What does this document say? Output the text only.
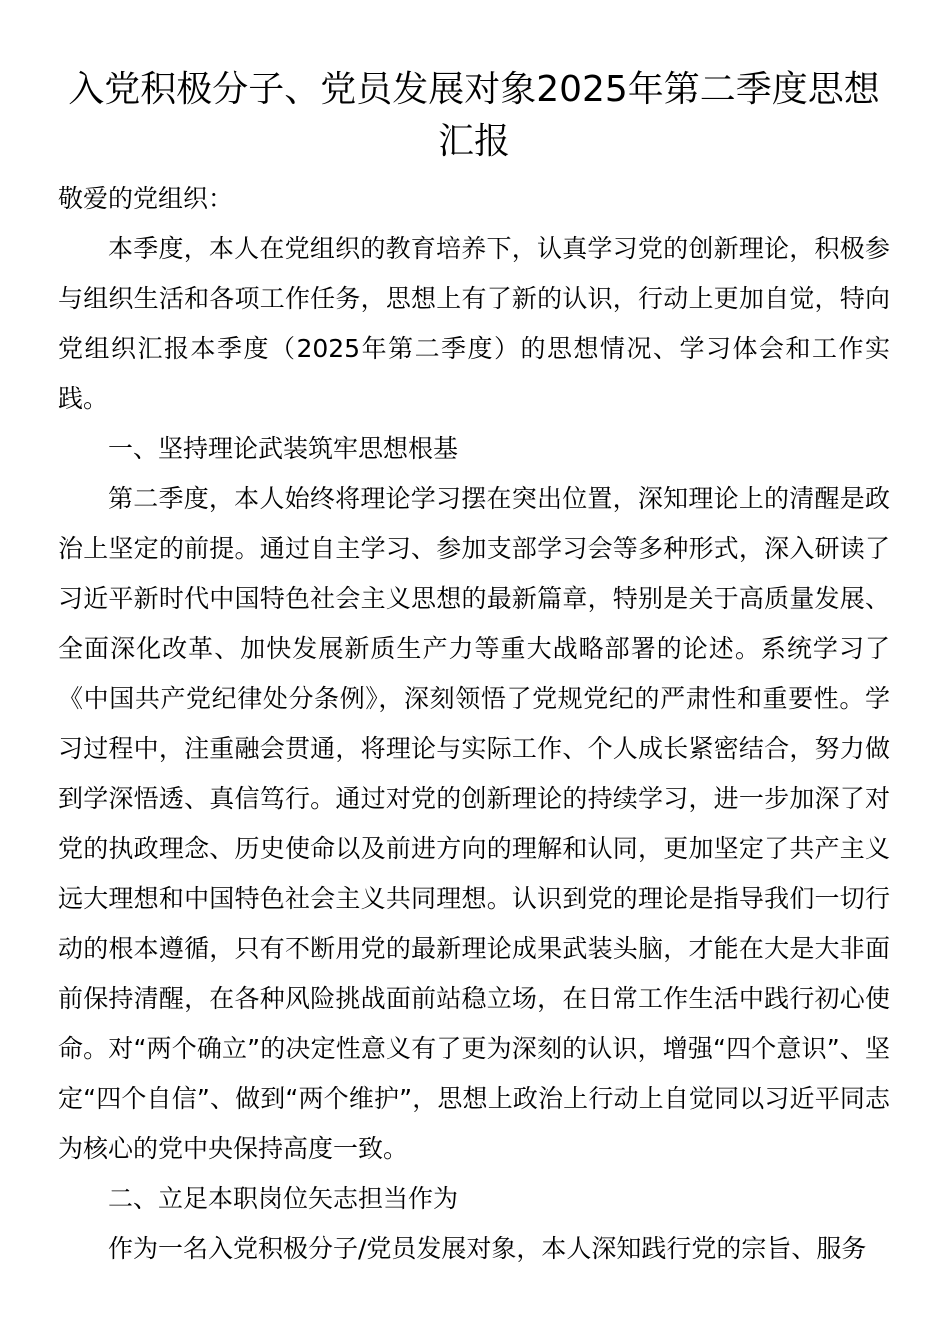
入党积极分子、党员发展对象2025年第二季度思想汇报

敬爱的党组织：

本季度，本人在党组织的教育培养下，认真学习党的创新理论，积极参与组织生活和各项工作任务，思想上有了新的认识，行动上更加自觉，特向党组织汇报本季度（2025年第二季度）的思想情况、学习体会和工作实践。

一、坚持理论武装筑牢思想根基

第二季度，本人始终将理论学习摆在突出位置，深知理论上的清醒是政治上坚定的前提。通过自主学习、参加支部学习会等多种形式，深入研读了习近平新时代中国特色社会主义思想的最新篇章，特别是关于高质量发展、全面深化改革、加快发展新质生产力等重大战略部署的论述。系统学习了《中国共产党纪律处分条例》，深刻领悟了党规党纪的严肃性和重要性。学习过程中，注重融会贯通，将理论与实际工作、个人成长紧密结合，努力做到学深悟透、真信笃行。通过对党的创新理论的持续学习，进一步加深了对党的执政理念、历史使命以及前进方向的理解和认同，更加坚定了共产主义远大理想和中国特色社会主义共同理想。认识到党的理论是指导我们一切行动的根本遵循，只有不断用党的最新理论成果武装头脑，才能在大是大非面前保持清醒，在各种风险挑战面前站稳立场，在日常工作生活中践行初心使命。对“两个确立”的决定性意义有了更为深刻的认识，增强“四个意识”、坚定“四个自信”、做到“两个维护”，思想上政治上行动上自觉同以习近平同志为核心的党中央保持高度一致。

二、立足本职岗位矢志担当作为

作为一名入党积极分子/党员发展对象，本人深知践行党的宗旨、服务
